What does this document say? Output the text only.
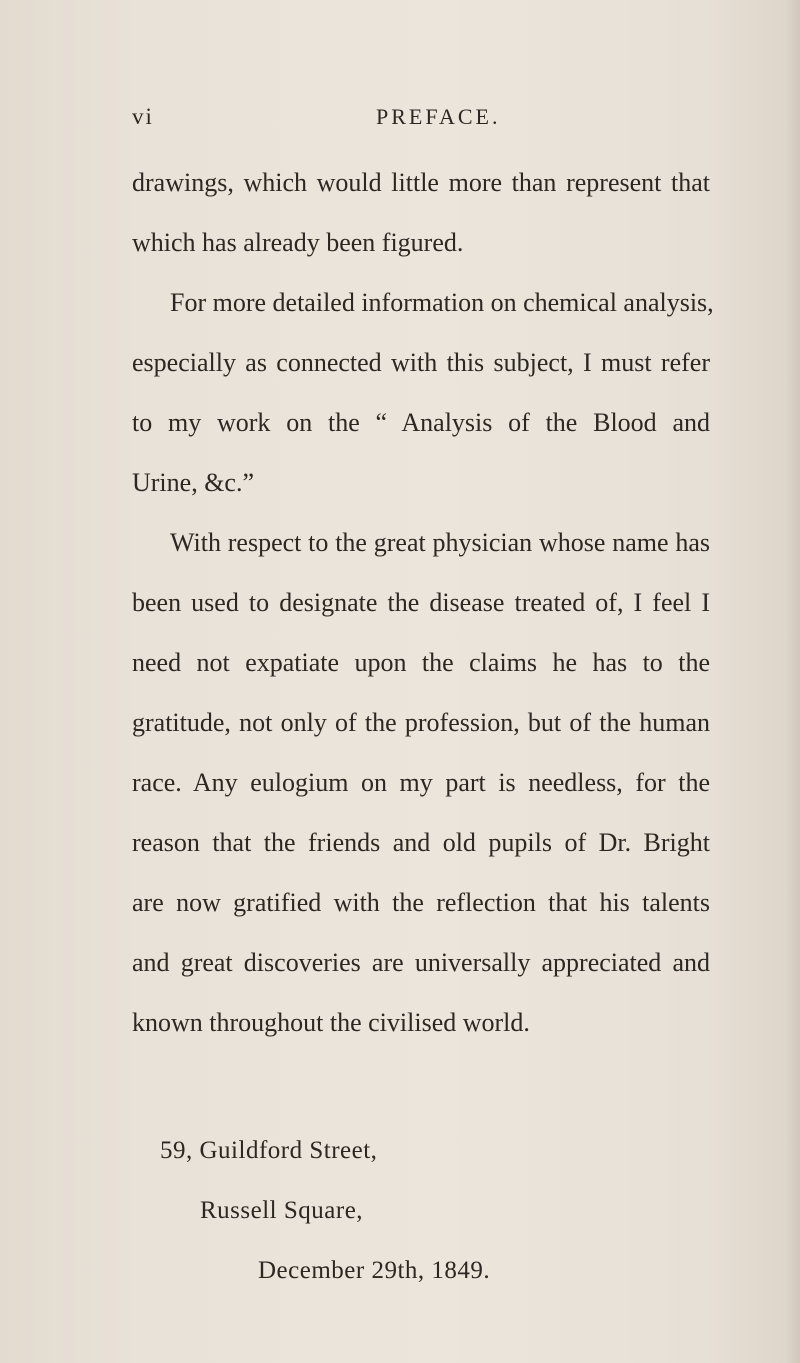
vi	PREFACE.
drawings, which would little more than represent that
which has already been figured.
For more detailed information on chemical analysis,
especially as connected with this subject, I must refer
to my work on the “ Analysis of the Blood and
Urine, &c.”
With respect to the great physician whose name has
been used to designate the disease treated of, I feel I
need not expatiate upon the claims he has to the
gratitude, not only of the profession, but of the human
race. Any eulogium on my part is needless, for the
reason that the friends and old pupils of Dr. Bright
are now gratified with the reflection that his talents
and great discoveries are universally appreciated and
known throughout the civilised world.
59, Guildford Street,
Russell Square,
December 29th, 1849.
